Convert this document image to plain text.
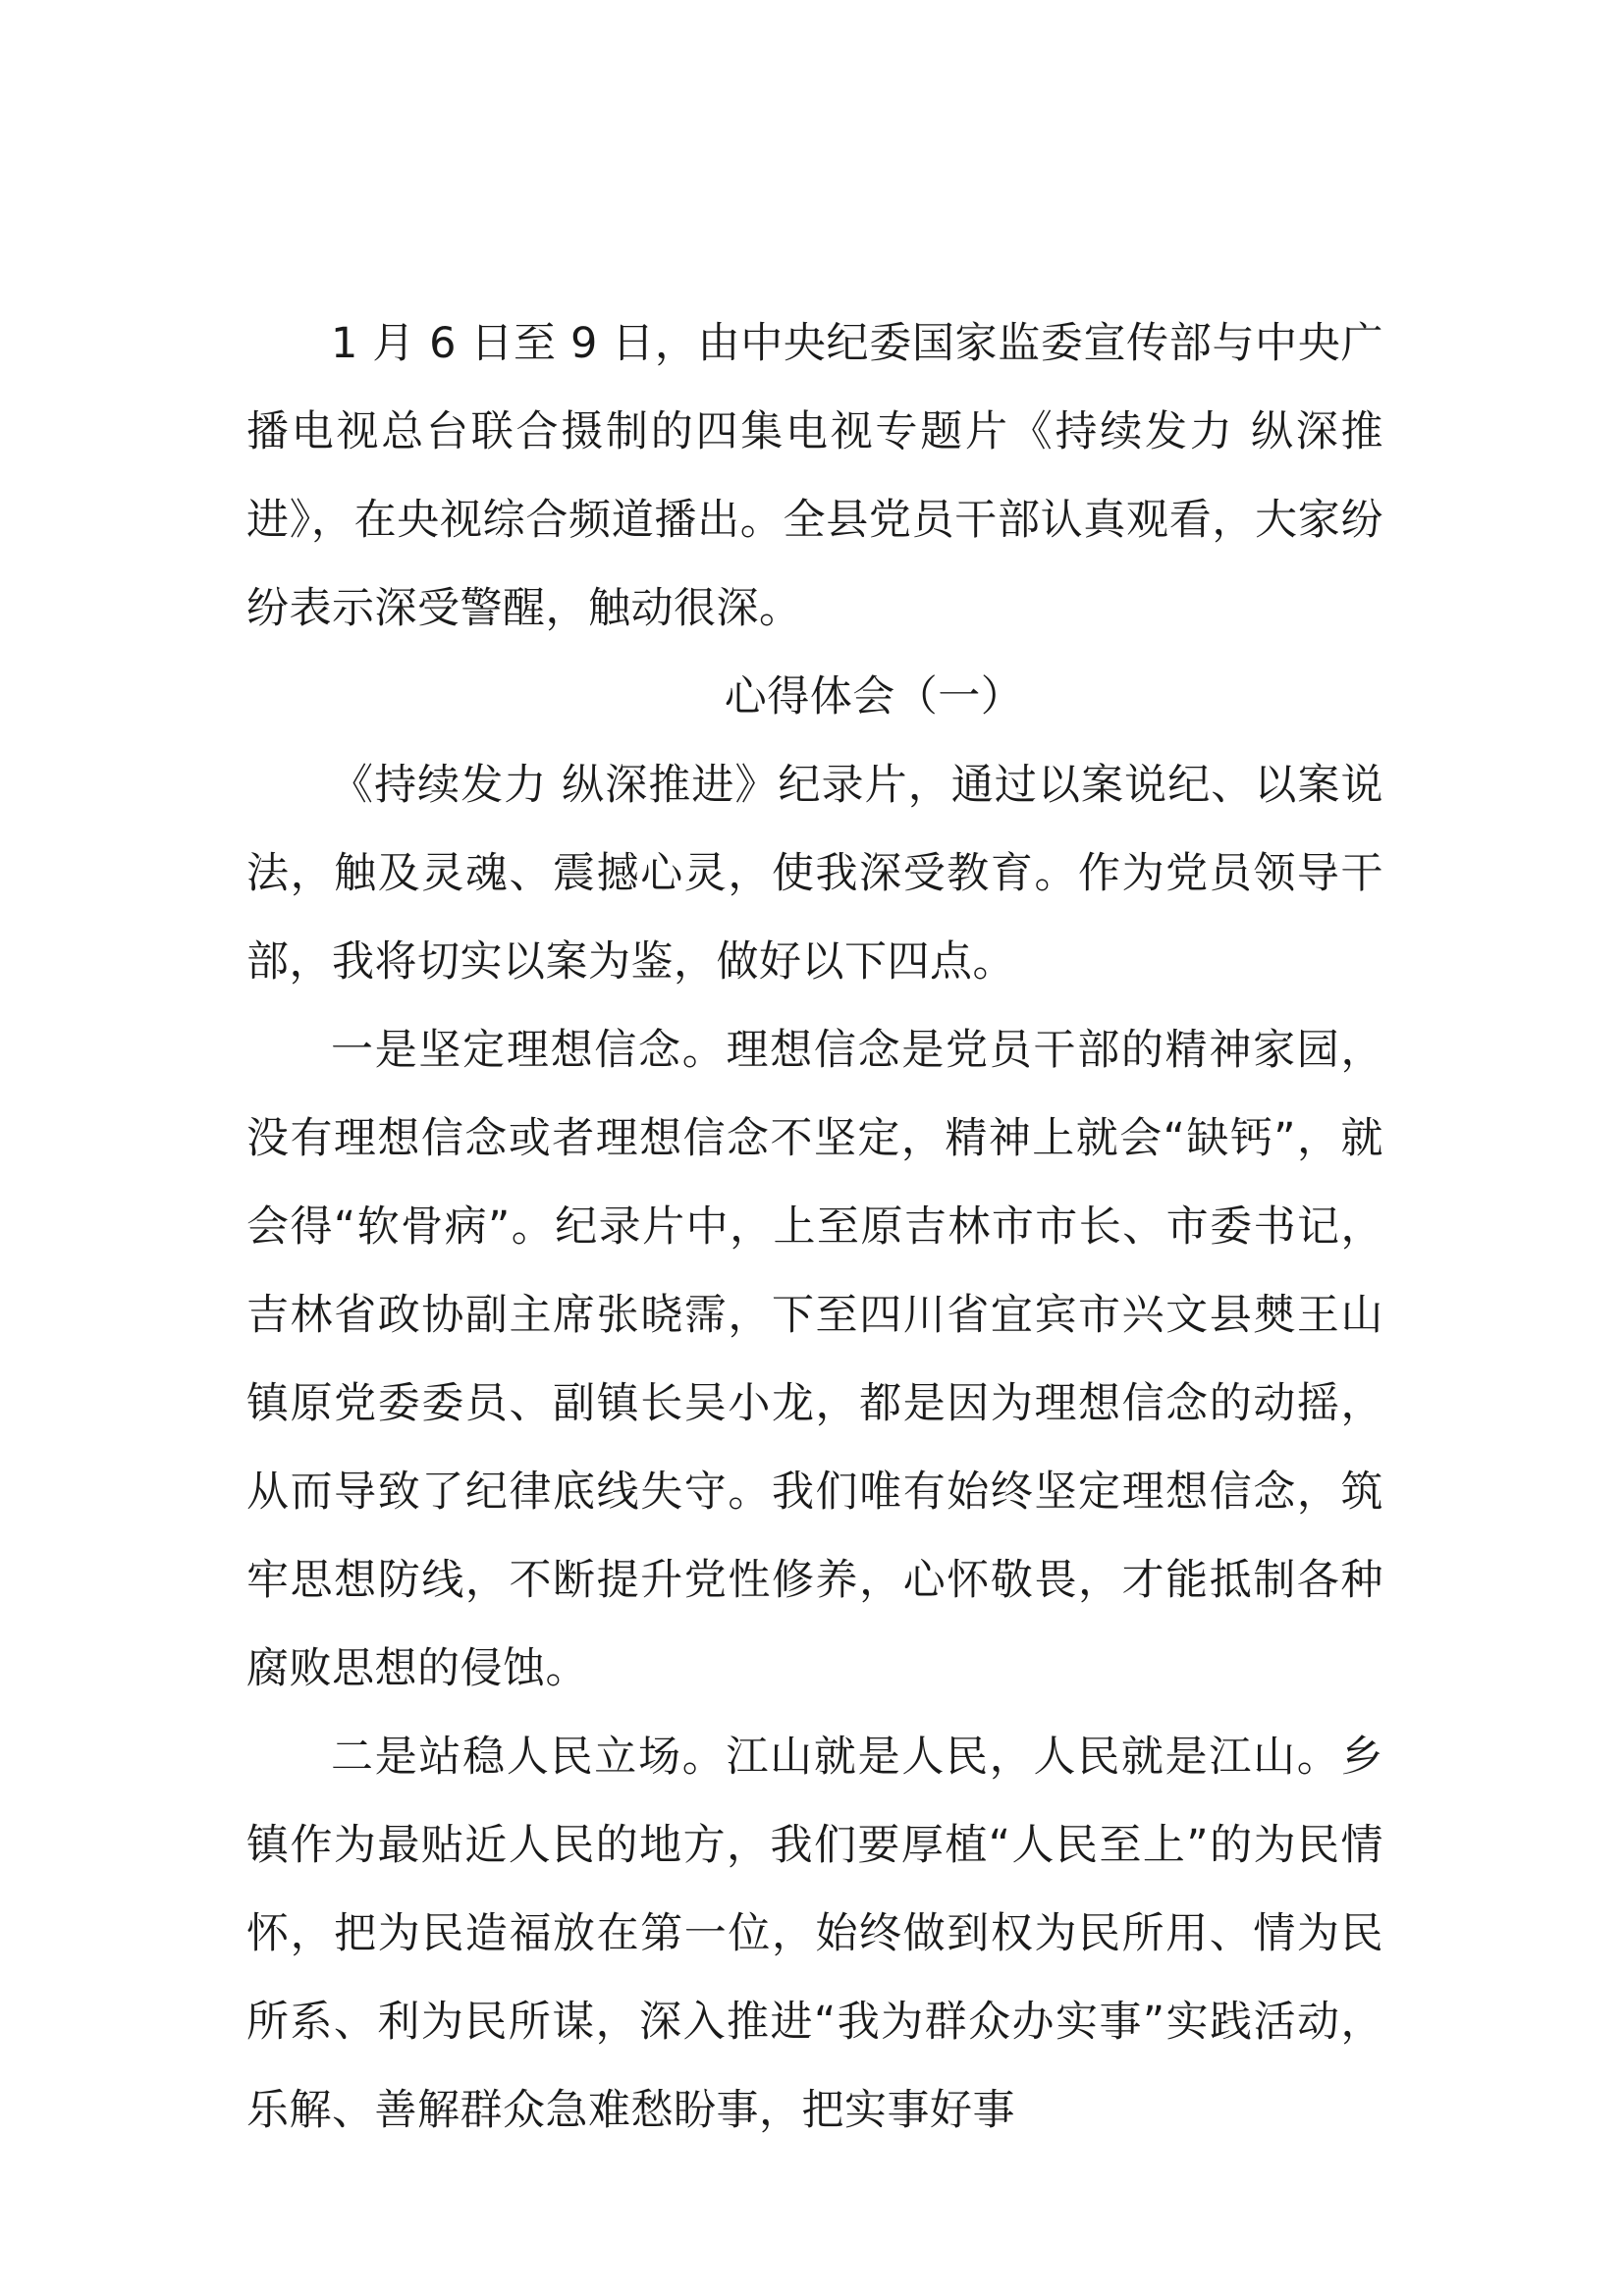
1 月 6 日至 9 日，由中央纪委国家监委宣传部与中央广播电视总台联合摄制的四集电视专题片《持续发力 纵深推进》，在央视综合频道播出。全县党员干部认真观看，大家纷纷表示深受警醒，触动很深。

心得体会（一）

《持续发力 纵深推进》纪录片，通过以案说纪、以案说法，触及灵魂、震撼心灵，使我深受教育。作为党员领导干部，我将切实以案为鉴，做好以下四点。

一是坚定理想信念。理想信念是党员干部的精神家园，没有理想信念或者理想信念不坚定，精神上就会“缺钙”，就会得“软骨病”。纪录片中，上至原吉林市市长、市委书记，吉林省政协副主席张晓霈，下至四川省宜宾市兴文县僰王山镇原党委委员、副镇长吴小龙，都是因为理想信念的动摇，从而导致了纪律底线失守。我们唯有始终坚定理想信念，筑牢思想防线，不断提升党性修养，心怀敬畏，才能抵制各种腐败思想的侵蚀。

二是站稳人民立场。江山就是人民，人民就是江山。乡镇作为最贴近人民的地方，我们要厚植“人民至上”的为民情怀，把为民造福放在第一位，始终做到权为民所用、情为民所系、利为民所谋，深入推进“我为群众办实事”实践活动，乐解、善解群众急难愁盼事，把实事好事
